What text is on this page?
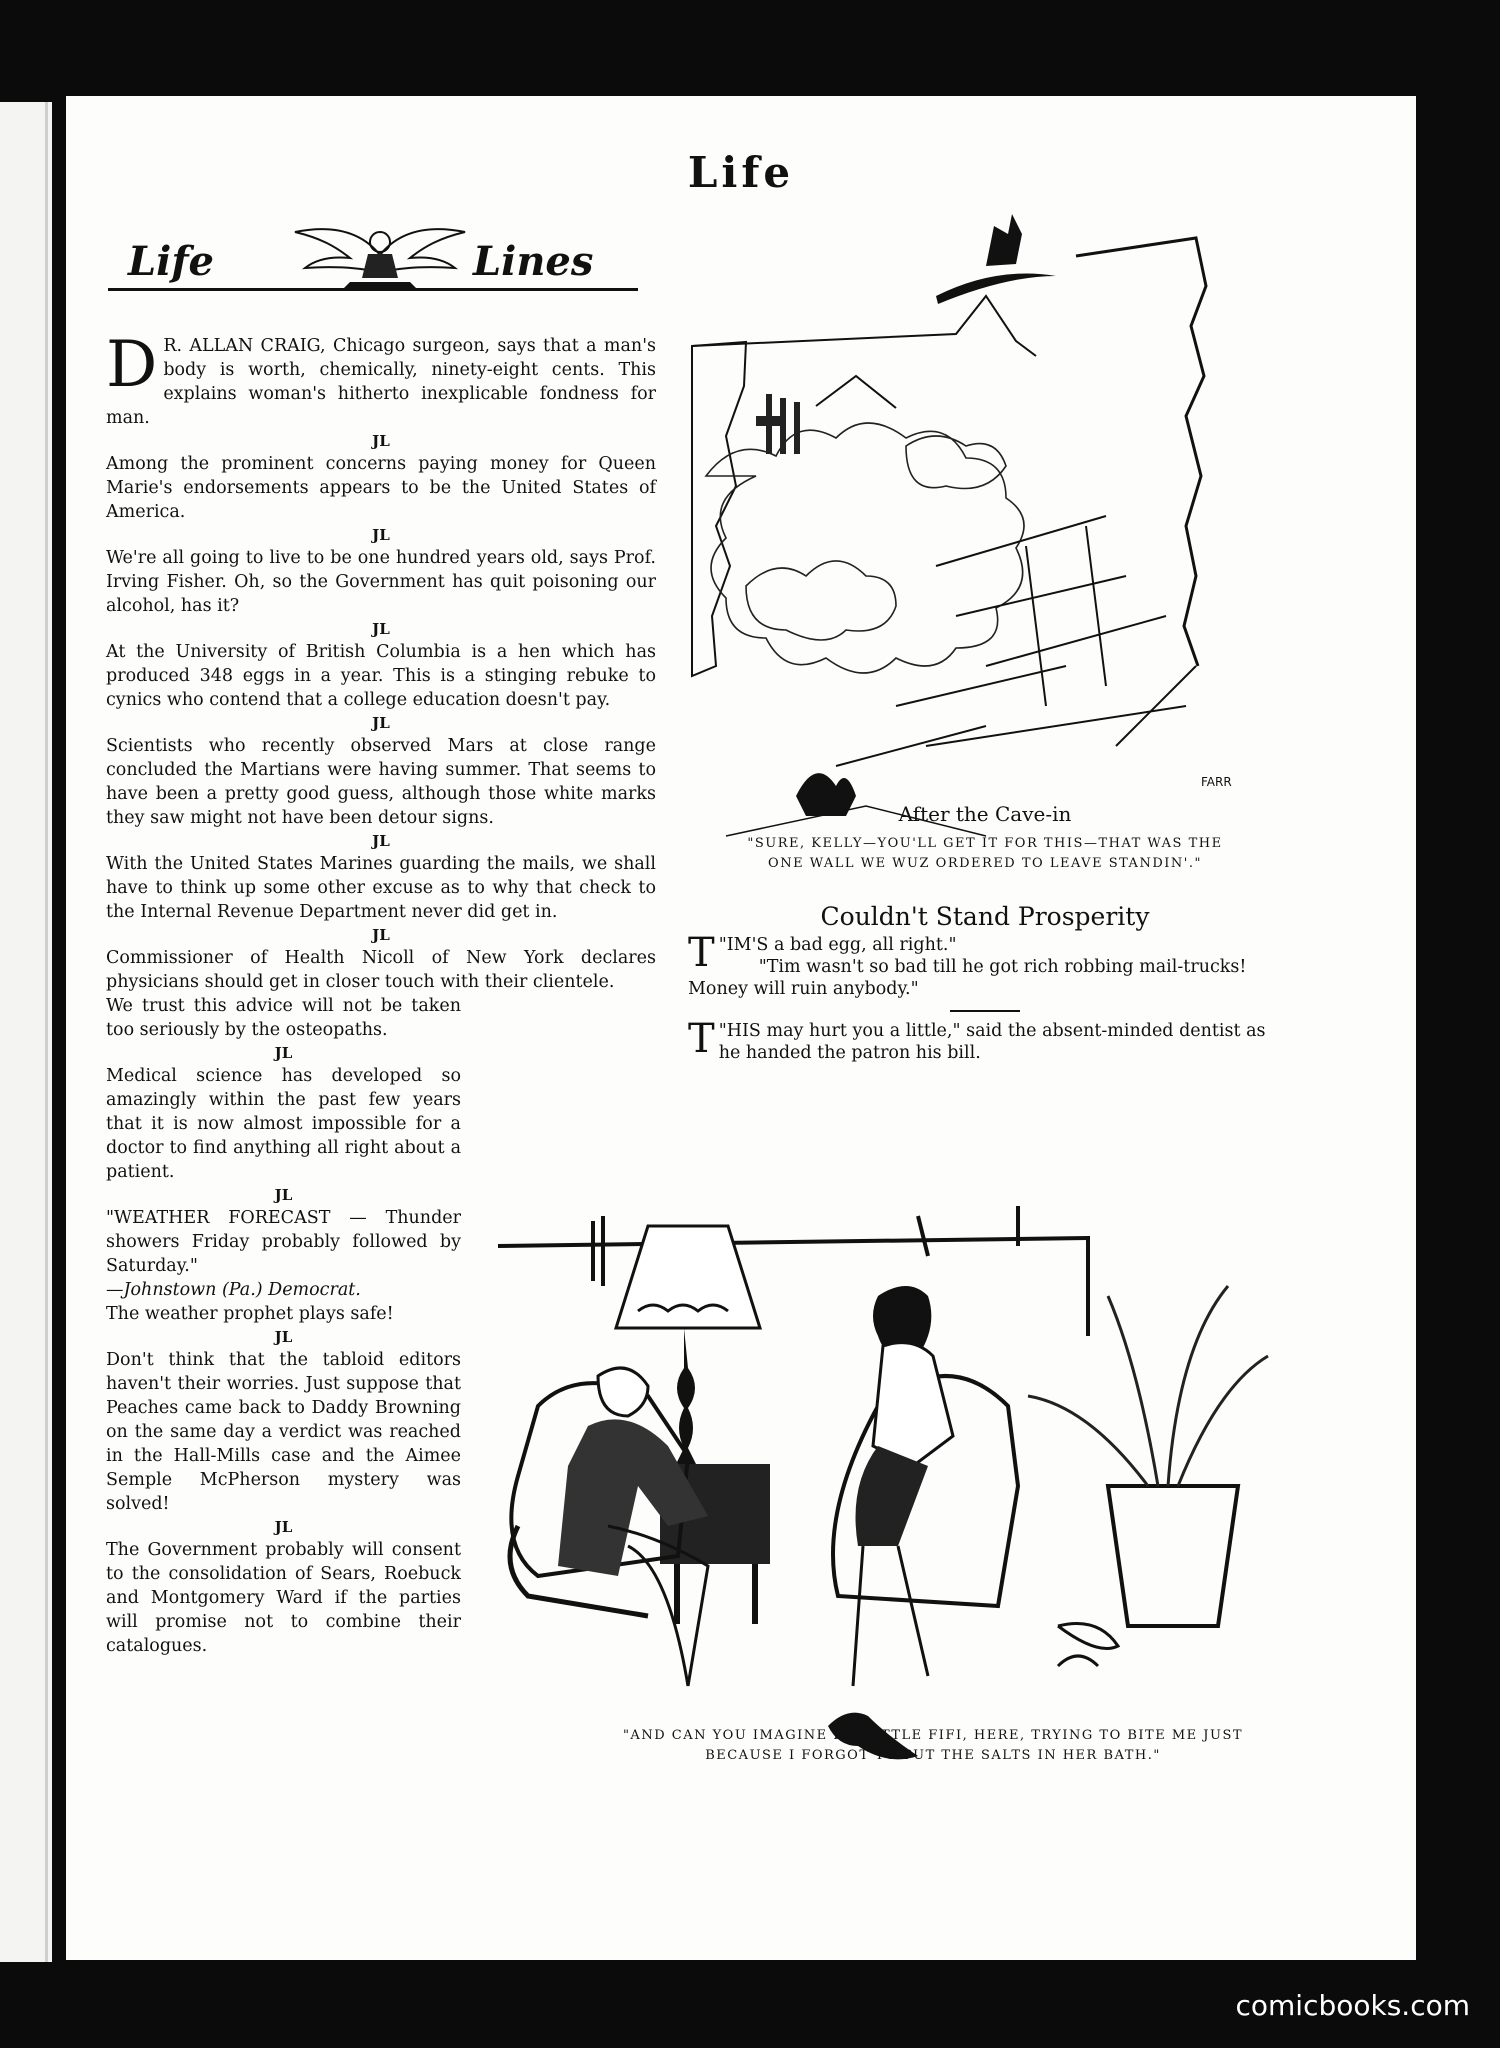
Life
Life	Lines

D R. ALLAN CRAIG, Chicago surgeon, says that a man's body is worth, chemically, ninety-eight cents. This explains woman's hitherto inexplicable fondness for man.

JL

Among the prominent concerns paying money for Queen Marie's endorsements appears to be the United States of America.

JL

We're all going to live to be one hundred years old, says Prof. Irving Fisher. Oh, so the Government has quit poisoning our alcohol, has it?

JL

At the University of British Columbia is a hen which has produced 348 eggs in a year. This is a stinging rebuke to cynics who contend that a college education doesn't pay.

JL

Scientists who recently observed Mars at close range concluded the Martians were having summer. That seems to have been a pretty good guess, although those white marks they saw might not have been detour signs.

JL

With the United States Marines guarding the mails, we shall have to think up some other excuse as to why that check to the Internal Revenue Department never did get in.

JL

Commissioner of Health Nicoll of New York declares physicians should get in closer touch with their clientele.

We trust this advice will not be taken too seriously by the osteopaths.

JL

Medical science has developed so amazingly within the past few years that it is now almost impossible for a doctor to find anything all right about a patient.

JL

"WEATHER FORECAST — Thunder showers Friday probably followed by Saturday."

—Johnstown (Pa.) Democrat.

The weather prophet plays safe!

JL

Don't think that the tabloid editors haven't their worries. Just suppose that Peaches came back to Daddy Browning on the same day a verdict was reached in the Hall-Mills case and the Aimee Semple McPherson mystery was solved!

JL

The Government probably will consent to the consolidation of Sears, Roebuck and Montgomery Ward if the parties will promise not to combine their catalogues.

FARR
After the Cave-in
"SURE, KELLY—YOU'LL GET IT FOR THIS—THAT WAS THE
ONE WALL WE WUZ ORDERED TO LEAVE STANDIN'."
Couldn't Stand Prosperity

"
T IM'S a bad egg, all right."

"Tim wasn't so bad till he got rich robbing mail-trucks! Money will ruin anybody."

"
T HIS may hurt you a little," said the absent-minded dentist as he handed the patron his bill.

"AND CAN YOU IMAGINE IT? LITTLE FIFI, HERE, TRYING TO BITE ME JUST
BECAUSE I FORGOT TO PUT THE SALTS IN HER BATH."
comicbooks.com
